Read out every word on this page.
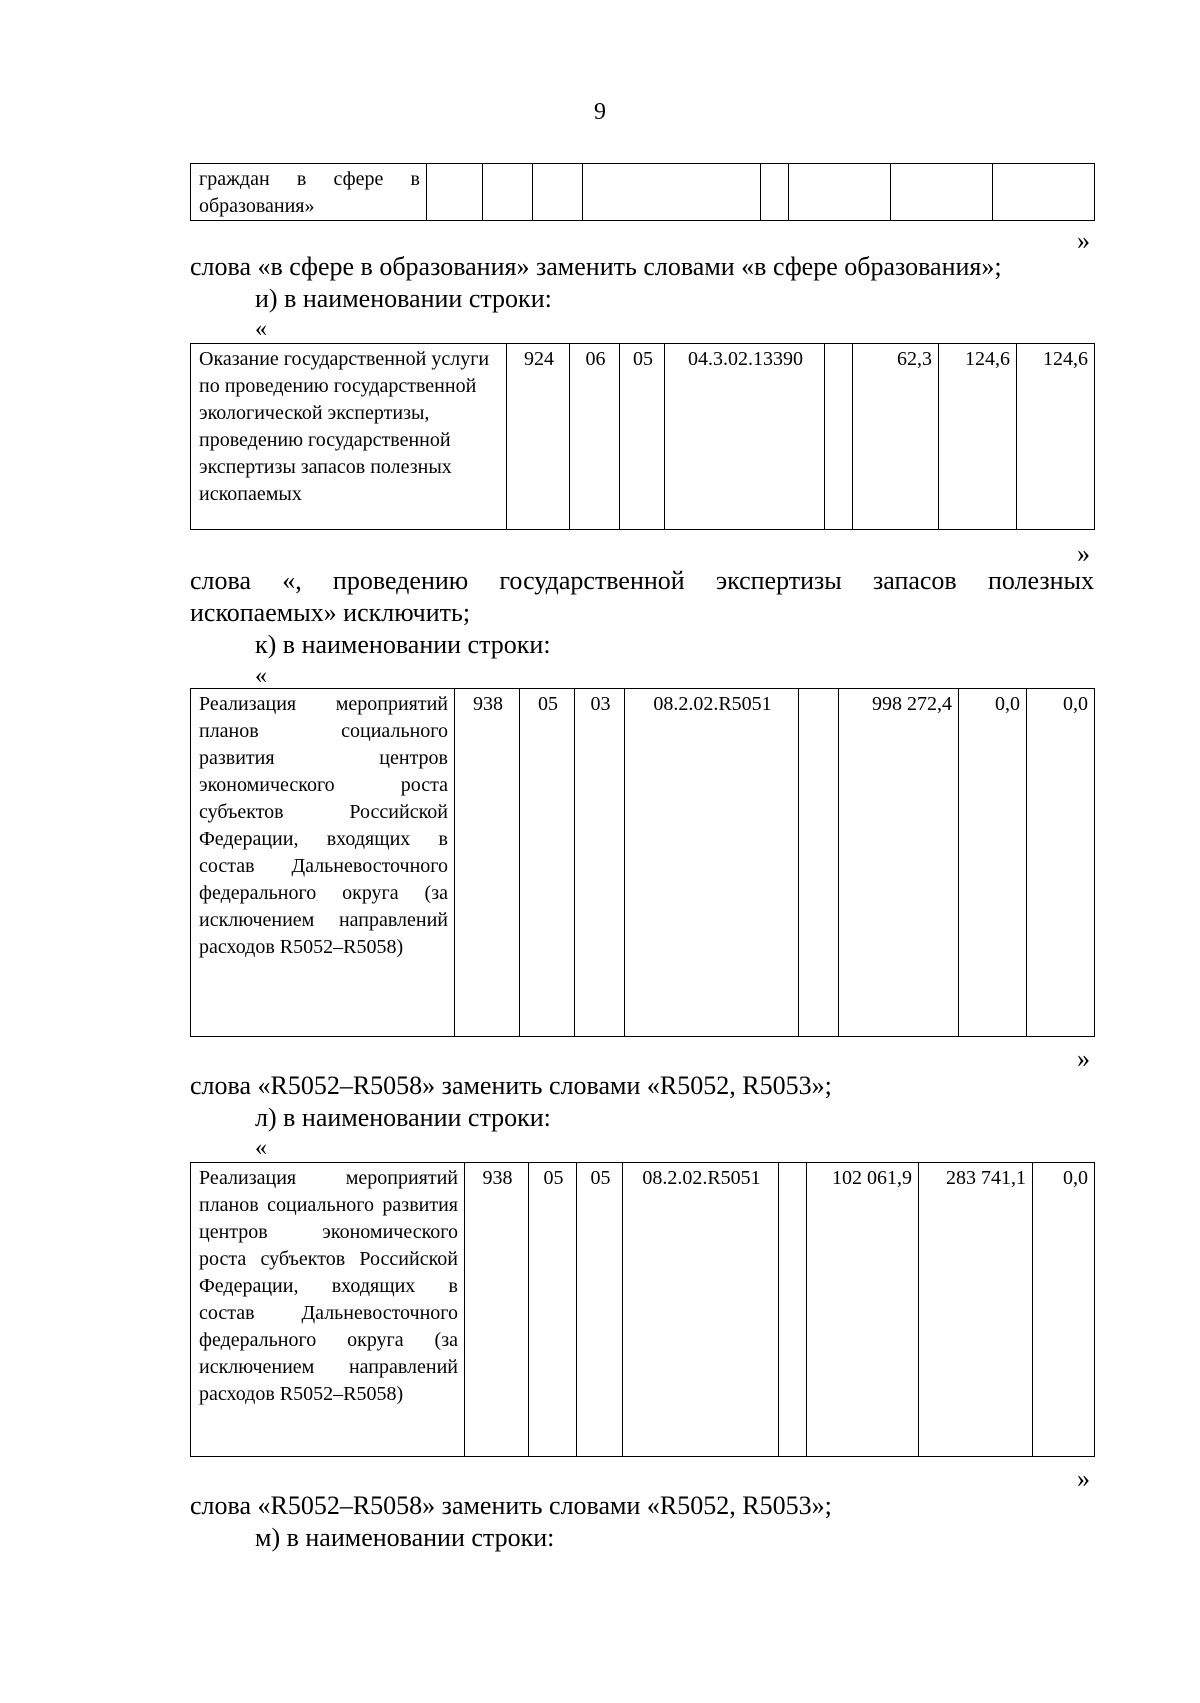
9
граждан в сфере в образования»								
»
слова «в сфере в образования» заменить словами «в сфере образования»;
и) в наименовании строки:
«
Оказание государственной услуги по проведению государственной экологической экспертизы, проведению государственной экспертизы запасов полезных ископаемых	924	06	05	04.3.02.13390		62,3	124,6	124,6
»
слова «, проведению государственной экспертизы запасов полезных
ископаемых» исключить;
к) в наименовании строки:
«
Реализация мероприятий планов социального развития центров экономического роста субъектов Российской Федерации, входящих в состав Дальневосточного федерального округа (за исключением направлений расходов R5052–R5058)	938	05	03	08.2.02.R5051		998 272,4	0,0	0,0
»
слова «R5052–R5058» заменить словами «R5052, R5053»;
л) в наименовании строки:
«
Реализация мероприятий планов социального развития центров экономического роста субъектов Российской Федерации, входящих в состав Дальневосточного федерального округа (за исключением направлений расходов R5052–R5058)	938	05	05	08.2.02.R5051		102 061,9	283 741,1	0,0
»
слова «R5052–R5058» заменить словами «R5052, R5053»;
м) в наименовании строки:
